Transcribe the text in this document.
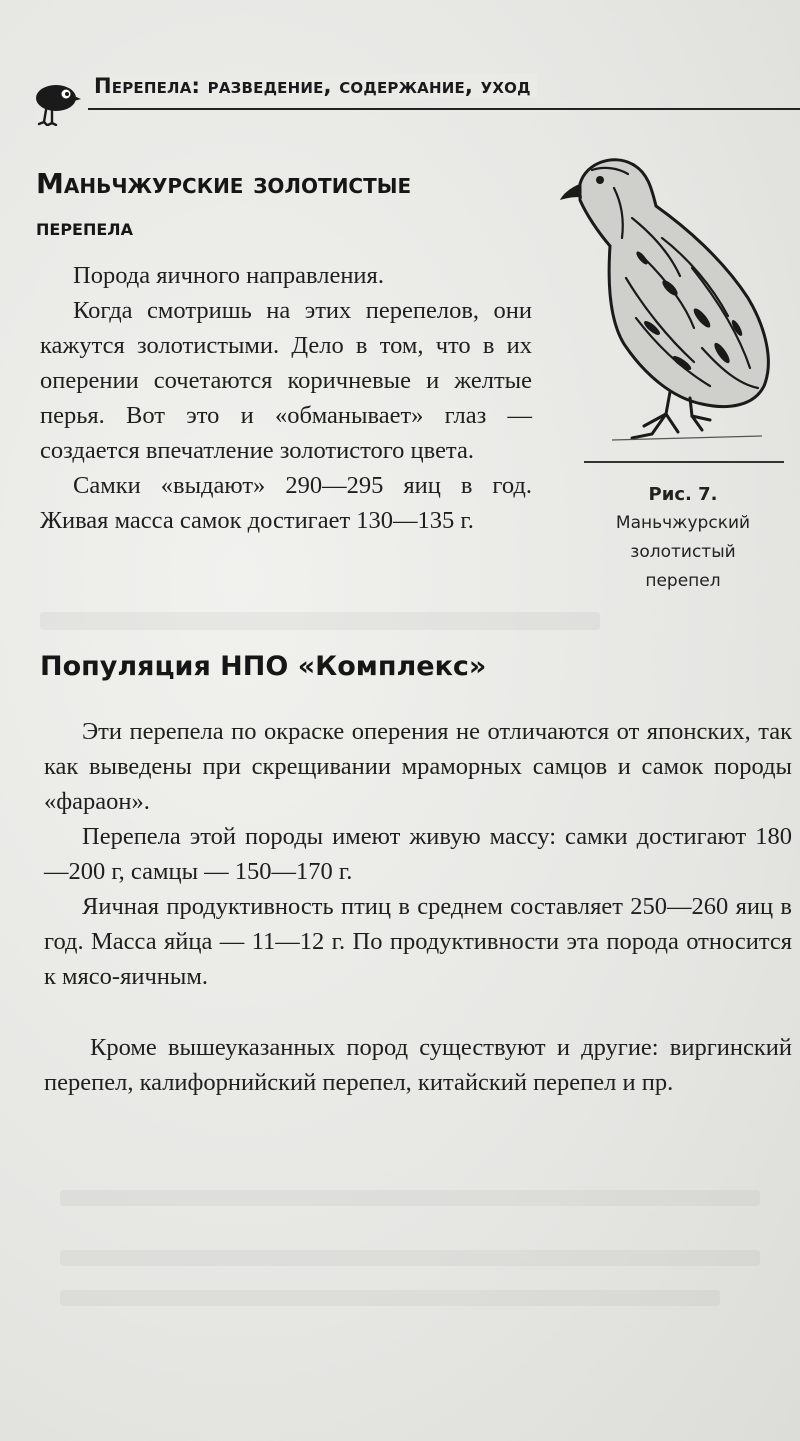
Перепела: разведение, содержание, уход
Маньчжурские золотистые
перепела

Порода яичного направления.

Когда смотришь на этих перепелов, они кажутся золотистыми. Дело в том, что в их оперении сочетаются коричневые и желтые перья. Вот это и «обманывает» глаз — создается впечатление золотистого цвета.

Самки «выдают» 290—295 яиц в год. Живая масса самок достигает 130—135 г.

Рис. 7.
Маньчжурский
золотистый
перепел
Популяция НПО «Комплекс»

Эти перепела по окраске оперения не отличаются от японских, так как выведены при скрещивании мраморных самцов и самок породы «фараон».

Перепела этой породы имеют живую массу: самки достигают 180—200 г, самцы — 150—170 г.

Яичная продуктивность птиц в среднем составляет 250—260 яиц в год. Масса яйца — 11—12 г. По продуктивности эта порода относится к мясо-яичным.

Кроме вышеуказанных пород существуют и другие: виргинский перепел, калифорнийский перепел, китайский перепел и пр.
